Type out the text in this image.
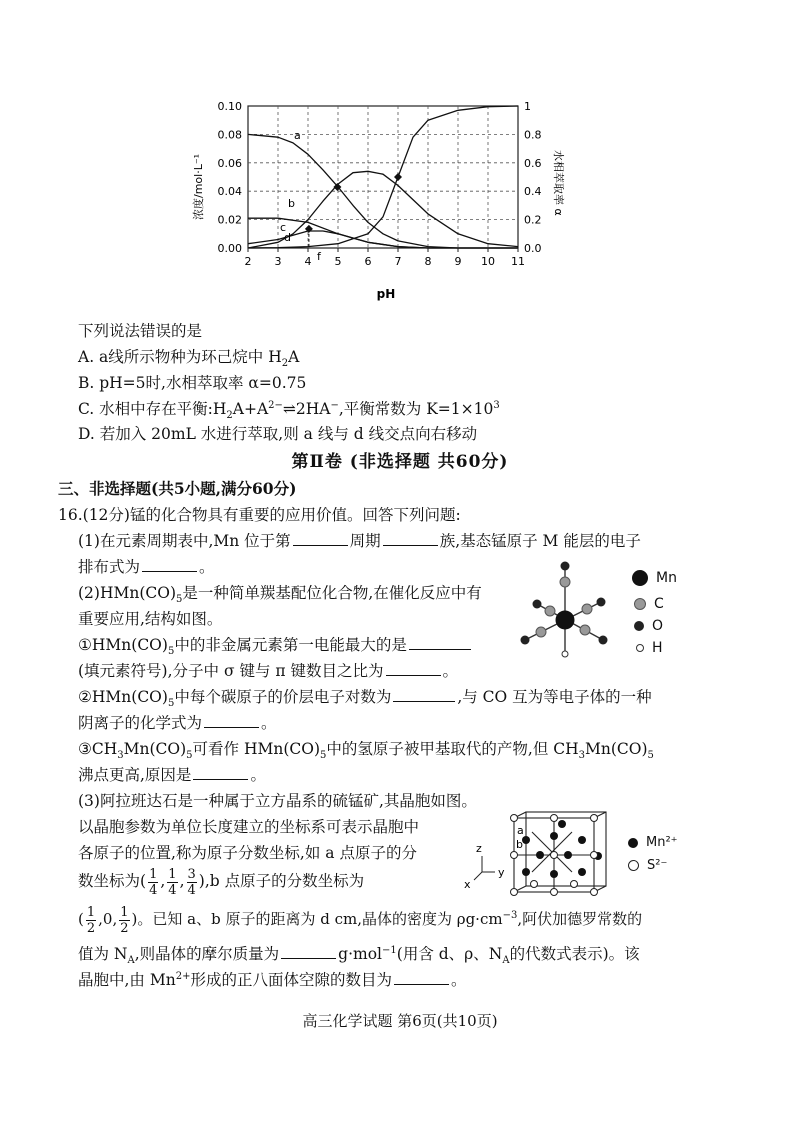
2 3 4 5 6 7 8 9 10 11
0.00
0.02
0.04
0.06
0.08
0.10
0.0
0.2
0.4
0.6
0.8
1
浓度/mol·L⁻¹	水相萃取率 α
pH
a
b
c
d
f
下列说法错误的是
A. a线所示物种为环己烷中 $H_2A$
B. pH=5时,水相萃取率 α=0.75
C. 水相中存在平衡$:H_2A+A^{2-}\rightleftharpoons 2HA^-$,平衡常数为 $K=1\times 10^3$
D. 若加入 20mL 水进行萃取,则 a 线与 d 线交点向右移动
第Ⅱ卷 (非选择题 共60分)
三、非选择题(共5小题,满分60分)
16.(12分)锰的化合物具有重要的应用价值。回答下列问题:
(1)在元素周期表中,Mn 位于第	周期	族,基态锰原子 M 能层的电子
排布式为	。
$(2)HMn(CO)_5$是一种简单羰基配位化合物,在催化反应中有
重要应用,结构如图。
$①HMn(CO)_5$中的非金属元素第一电能最大的是
(填元素符号),分子中 σ 键与 π 键数目之比为	。
$②HMn(CO)_5$中每个碳原子的价层电子对数为	,与 CO 互为等电子体的一种
阴离子的化学式为	。
$③CH_3Mn(CO)_5$可看作 $HMn(CO)_5$中的氢原子被甲基取代的产物,但 $CH_3Mn(CO)_5$
沸点更高,原因是	。
(3)阿拉班达石是一种属于立方晶系的硫锰矿,其晶胞如图。
以晶胞参数为单位长度建立的坐标系可表示晶胞中
各原子的位置,称为原子分数坐标,如 a 点原子的分
数坐标为( $\frac{1}{4}$ , $\frac{1}{4}$ , $\frac{3}{4} ),b$ 点原子的分数坐标为
( $\frac{1}{2} ,0$, $\frac{1}{2}$ )。已知 a、b 原子的距离为 d cm,晶体的密度为 $\rho g\cdot cm^{-3}$,阿伏加德罗常数的
值为 $N_A$,则晶体的摩尔质量为	g·mol$^{-1}$(用含 d、ρ、$N_A$的代数式表示)。该
晶胞中,由 $Mn^{2+}$形成的正八面体空隙的数目为	。
Mn
C
O
H
z
y
x
a
b	Mn²⁺
S²⁻
高三化学试题 第6页(共10页)
